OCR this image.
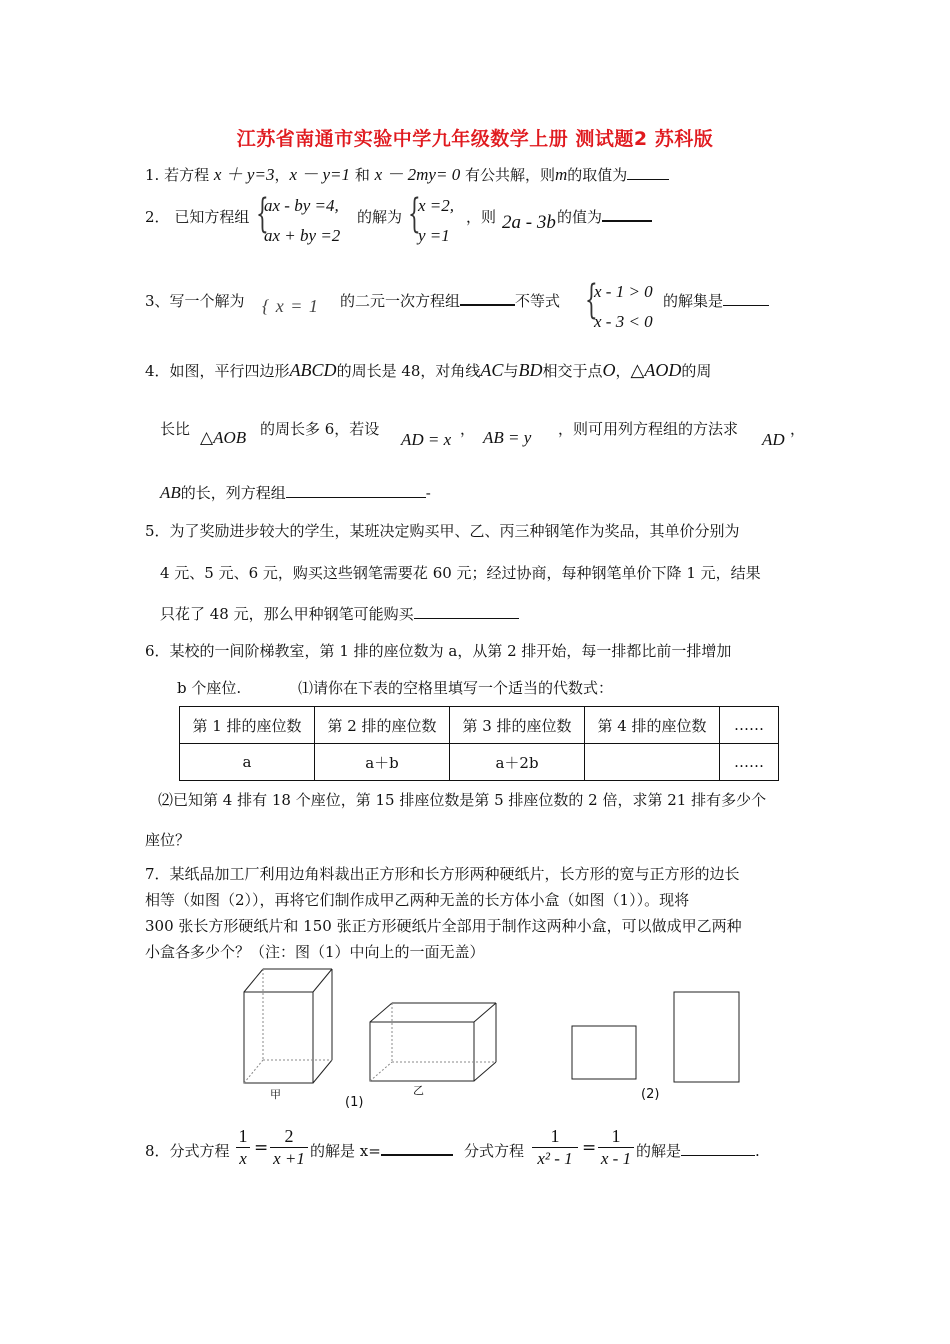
江苏省南通市实验中学九年级数学上册 测试题2 苏科版
1. 若方程 x ＋ y=3，x － y=1 和 x － 2my= 0 有公共解，则m的取值为
2． 已知方程组 {
ax - by =4,
ax + by =2
的解为 {
x =2,
y =1
，则 2a - 3b 的值为
3、写一个解为 { x = 1 的二元一次方程组	不等式 {
x - 1 > 0
x - 3 < 0
的解集是
4．如图，平行四边形ABCD的周长是 48，对角线AC与BD相交于点O，△AOD的周
长比 △AOB 的周长多 6，若设
AD = x
， AB = y ，则可用列方程组的方法求
AD
，
AB的长，列方程组	-
5．为了奖励进步较大的学生，某班决定购买甲、乙、丙三种钢笔作为奖品，其单价分别为
4 元、5 元、6 元，购买这些钢笔需要花 60 元；经过协商，每种钢笔单价下降 1 元，结果
只花了 48 元，那么甲种钢笔可能购买
6．某校的一间阶梯教室，第 1 排的座位数为 a，从第 2 排开始，每一排都比前一排增加
b 个座位.	⑴请你在下表的空格里填写一个适当的代数式：
第 1 排的座位数	第 2 排的座位数	第 3 排的座位数	第 4 排的座位数	……
a	a＋b	a＋2b		……
⑵已知第 4 排有 18 个座位，第 15 排座位数是第 5 排座位数的 2 倍，求第 21 排有多少个
座位？
7．某纸品加工厂利用边角料裁出正方形和长方形两种硬纸片，长方形的宽与正方形的边长
相等（如图（2）），再将它们制作成甲乙两种无盖的长方体小盒（如图（1））。现将
300 张长方形硬纸片和 150 张正方形硬纸片全部用于制作这两种小盒，可以做成甲乙两种
小盒各多少个？（注：图（1）中向上的一面无盖）
甲	乙
(1)
(2)
8．分式方程
1
x
=
2
x +1 的解是 x=	分式方程
1
x² - 1
=
1
x - 1 的解是	.
